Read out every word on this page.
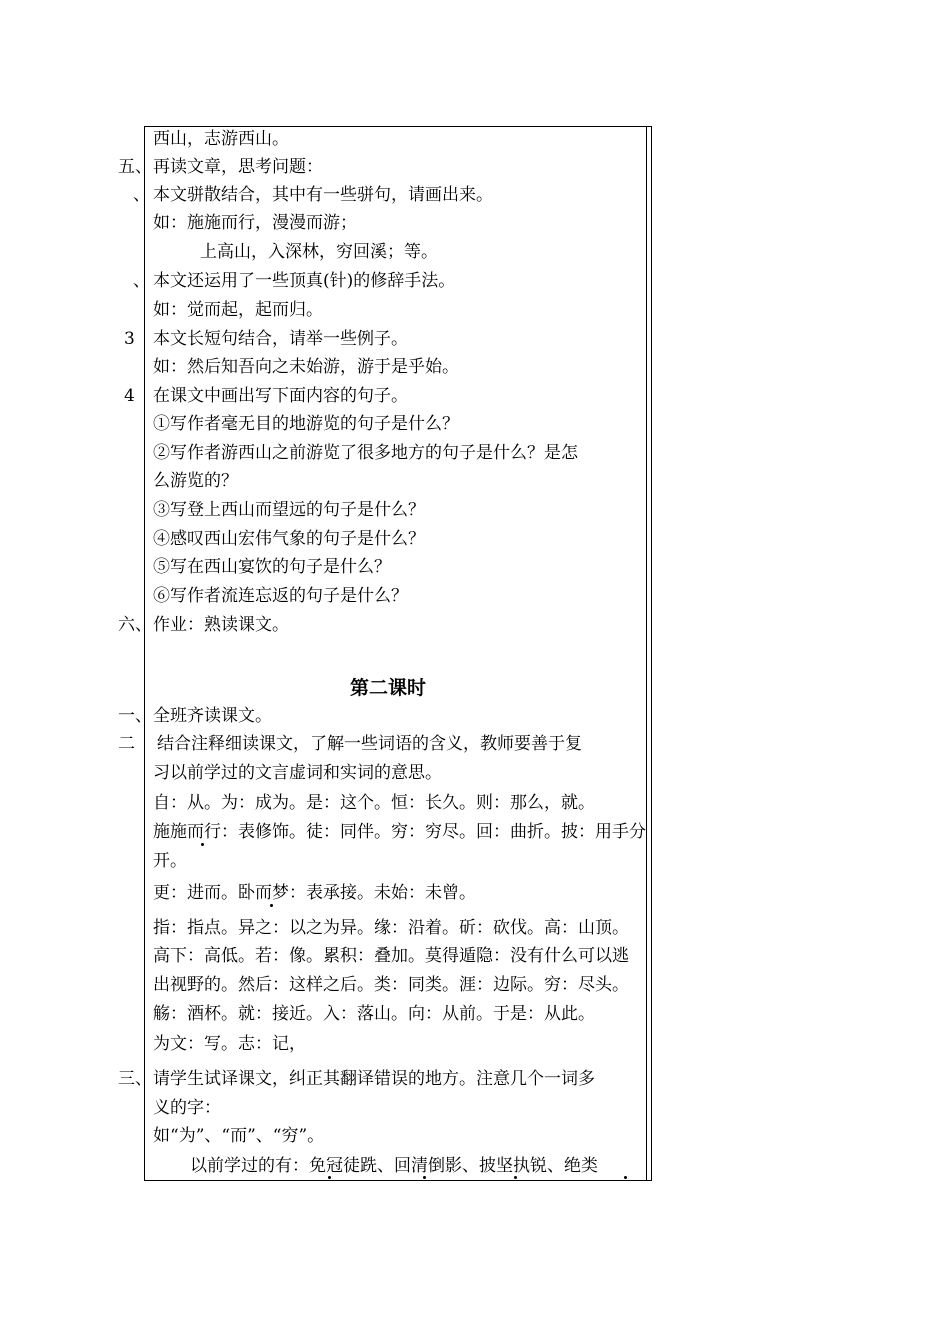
西山，志游西山。
五、 再读文章，思考问题：
、 本文骈散结合，其中有一些骈句，请画出来。
如：施施而行，漫漫而游；
上高山，入深林，穷回溪；等。
、 本文还运用了一些顶真(针)的修辞手法。
如：觉而起，起而归。
3 本文长短句结合，请举一些例子。
如：然后知吾向之未始游，游于是乎始。
4 在课文中画出写下面内容的句子。
①写作者毫无目的地游览的句子是什么？
②写作者游西山之前游览了很多地方的句子是什么？是怎
么游览的？
③写登上西山而望远的句子是什么？
④感叹西山宏伟气象的句子是什么？
⑤写在西山宴饮的句子是什么？
⑥写作者流连忘返的句子是什么？
六、 作业：熟读课文。
第二课时
一、 全班齐读课文。
二 结合注释细读课文，了解一些词语的含义，教师要善于复
习以前学过的文言虚词和实词的意思。
自：从。为：成为。是：这个。恒：长久。则：那么，就。
施施而行：表修饰。徒：同伴。穷：穷尽。回：曲折。披：用手分
开。
更：进而。卧而梦：表承接。未始：未曾。
指：指点。异之：以之为异。缘：沿着。斫：砍伐。高：山顶。
高下：高低。若：像。累积：叠加。莫得遁隐：没有什么可以逃
出视野的。然后：这样之后。类：同类。涯：边际。穷：尽头。
觞：酒杯。就：接近。入：落山。向：从前。于是：从此。
为文：写。志：记，
三、 请学生试译课文，纠正其翻译错误的地方。注意几个一词多
义的字：
如“为”、“而”、“穷”。
以前学过的有：免冠徒跣、回清倒影、披坚执锐、绝类
